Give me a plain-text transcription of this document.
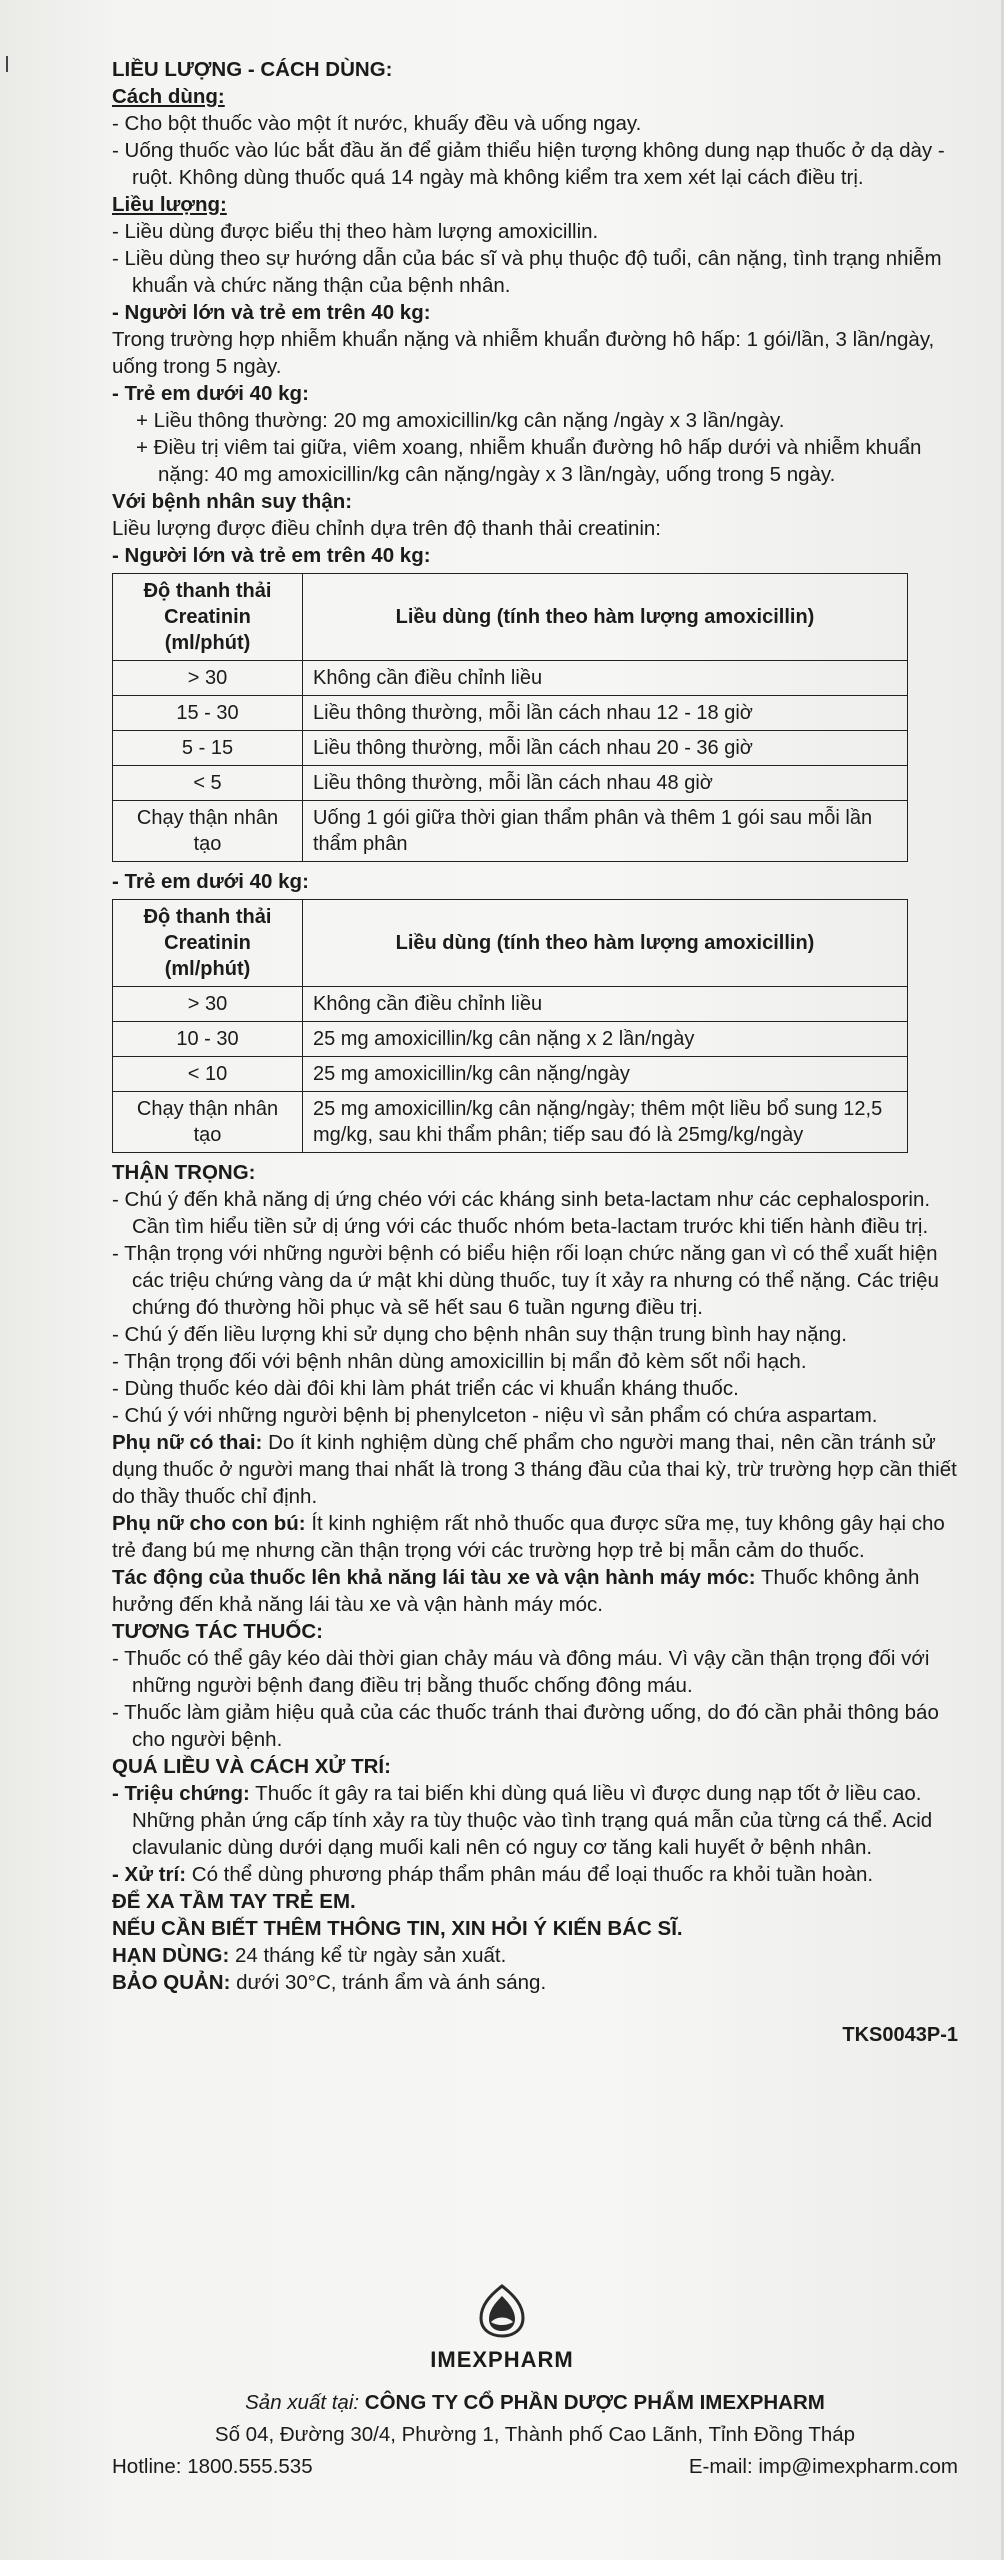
LIỀU LƯỢNG - CÁCH DÙNG:

Cách dùng:

- Cho bột thuốc vào một ít nước, khuấy đều và uống ngay.

- Uống thuốc vào lúc bắt đầu ăn để giảm thiểu hiện tượng không dung nạp thuốc ở dạ dày - ruột. Không dùng thuốc quá 14 ngày mà không kiểm tra xem xét lại cách điều trị.

Liều lượng:

- Liều dùng được biểu thị theo hàm lượng amoxicillin.

- Liều dùng theo sự hướng dẫn của bác sĩ và phụ thuộc độ tuổi, cân nặng, tình trạng nhiễm khuẩn và chức năng thận của bệnh nhân.

- Người lớn và trẻ em trên 40 kg:

Trong trường hợp nhiễm khuẩn nặng và nhiễm khuẩn đường hô hấp: 1 gói/lần, 3 lần/ngày, uống trong 5 ngày.

- Trẻ em dưới 40 kg:

+ Liều thông thường: 20 mg amoxicillin/kg cân nặng /ngày x 3 lần/ngày.

+ Điều trị viêm tai giữa, viêm xoang, nhiễm khuẩn đường hô hấp dưới và nhiễm khuẩn nặng: 40 mg amoxicillin/kg cân nặng/ngày x 3 lần/ngày, uống trong 5 ngày.

Với bệnh nhân suy thận:

Liều lượng được điều chỉnh dựa trên độ thanh thải creatinin:

- Người lớn và trẻ em trên 40 kg:

Độ thanh thải Creatinin (ml/phút)	Liều dùng (tính theo hàm lượng amoxicillin)
> 30	Không cần điều chỉnh liều
15 - 30	Liều thông thường, mỗi lần cách nhau 12 - 18 giờ
5 - 15	Liều thông thường, mỗi lần cách nhau 20 - 36 giờ
< 5	Liều thông thường, mỗi lần cách nhau 48 giờ
Chạy thận nhân tạo	Uống 1 gói giữa thời gian thẩm phân và thêm 1 gói sau mỗi lần thẩm phân

- Trẻ em dưới 40 kg:

Độ thanh thải Creatinin (ml/phút)	Liều dùng (tính theo hàm lượng amoxicillin)
> 30	Không cần điều chỉnh liều
10 - 30	25 mg amoxicillin/kg cân nặng x 2 lần/ngày
< 10	25 mg amoxicillin/kg cân nặng/ngày
Chạy thận nhân tạo	25 mg amoxicillin/kg cân nặng/ngày; thêm một liều bổ sung 12,5 mg/kg, sau khi thẩm phân; tiếp sau đó là 25mg/kg/ngày

THẬN TRỌNG:

- Chú ý đến khả năng dị ứng chéo với các kháng sinh beta-lactam như các cephalosporin. Cần tìm hiểu tiền sử dị ứng với các thuốc nhóm beta-lactam trước khi tiến hành điều trị.

- Thận trọng với những người bệnh có biểu hiện rối loạn chức năng gan vì có thể xuất hiện các triệu chứng vàng da ứ mật khi dùng thuốc, tuy ít xảy ra nhưng có thể nặng. Các triệu chứng đó thường hồi phục và sẽ hết sau 6 tuần ngưng điều trị.

- Chú ý đến liều lượng khi sử dụng cho bệnh nhân suy thận trung bình hay nặng.

- Thận trọng đối với bệnh nhân dùng amoxicillin bị mẩn đỏ kèm sốt nổi hạch.

- Dùng thuốc kéo dài đôi khi làm phát triển các vi khuẩn kháng thuốc.

- Chú ý với những người bệnh bị phenylceton - niệu vì sản phẩm có chứa aspartam.

Phụ nữ có thai: Do ít kinh nghiệm dùng chế phẩm cho người mang thai, nên cần tránh sử dụng thuốc ở người mang thai nhất là trong 3 tháng đầu của thai kỳ, trừ trường hợp cần thiết do thầy thuốc chỉ định.

Phụ nữ cho con bú: Ít kinh nghiệm rất nhỏ thuốc qua được sữa mẹ, tuy không gây hại cho trẻ đang bú mẹ nhưng cần thận trọng với các trường hợp trẻ bị mẫn cảm do thuốc.

Tác động của thuốc lên khả năng lái tàu xe và vận hành máy móc: Thuốc không ảnh hưởng đến khả năng lái tàu xe và vận hành máy móc.

TƯƠNG TÁC THUỐC:

- Thuốc có thể gây kéo dài thời gian chảy máu và đông máu. Vì vậy cần thận trọng đối với những người bệnh đang điều trị bằng thuốc chống đông máu.

- Thuốc làm giảm hiệu quả của các thuốc tránh thai đường uống, do đó cần phải thông báo cho người bệnh.

QUÁ LIỀU VÀ CÁCH XỬ TRÍ:

- Triệu chứng: Thuốc ít gây ra tai biến khi dùng quá liều vì được dung nạp tốt ở liều cao. Những phản ứng cấp tính xảy ra tùy thuộc vào tình trạng quá mẫn của từng cá thể. Acid clavulanic dùng dưới dạng muối kali nên có nguy cơ tăng kali huyết ở bệnh nhân.

- Xử trí: Có thể dùng phương pháp thẩm phân máu để loại thuốc ra khỏi tuần hoàn.

ĐỂ XA TẦM TAY TRẺ EM.

NẾU CẦN BIẾT THÊM THÔNG TIN, XIN HỎI Ý KIẾN BÁC SĨ.

HẠN DÙNG: 24 tháng kể từ ngày sản xuất.

BẢO QUẢN: dưới 30°C, tránh ẩm và ánh sáng.

TKS0043P-1

IMEXPHARM

Sản xuất tại: CÔNG TY CỔ PHẦN DƯỢC PHẨM IMEXPHARM

Số 04, Đường 30/4, Phường 1, Thành phố Cao Lãnh, Tỉnh Đồng Tháp

Hotline: 1800.555.535	E-mail: imp@imexpharm.com
